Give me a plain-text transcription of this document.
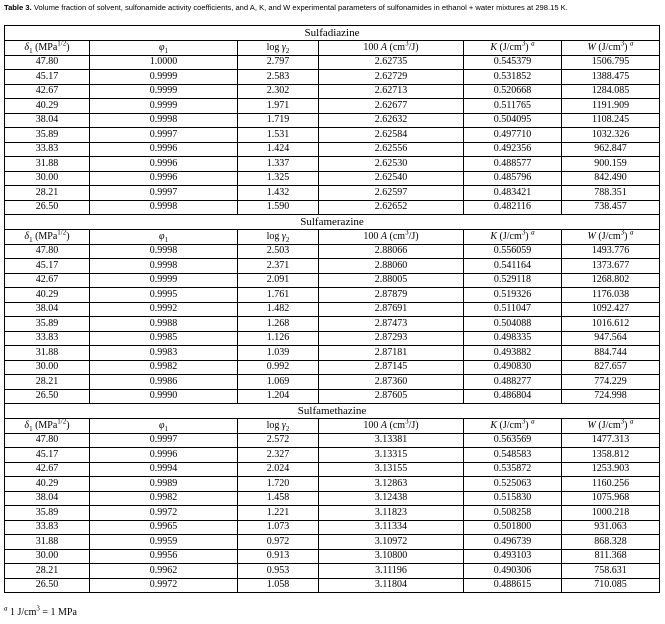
Table 3. Volume fraction of solvent, sulfonamide activity coefficients, and A, K, and W experimental parameters of sulfonamides in ethanol + water mixtures at 298.15 K.
Sulfadiazine					
$\delta_1$ (MPa$^{1/2}$)	$\varphi_1$	$\log \gamma_2$	100 A $(cm^3/J)$	K $(J/cm^3)$ $^a$	W $(J/cm^3)$ $^a$
47.80	1.0000	2.797	2.62735	0.545379	1506.795
45.17	0.9999	2.583	2.62729	0.531852	1388.475
42.67	0.9999	2.302	2.62713	0.520668	1284.085
40.29	0.9999	1.971	2.62677	0.511765	1191.909
38.04	0.9998	1.719	2.62632	0.504095	1108.245
35.89	0.9997	1.531	2.62584	0.497710	1032.326
33.83	0.9996	1.424	2.62556	0.492356	962.847
31.88	0.9996	1.337	2.62530	0.488577	900.159
30.00	0.9996	1.325	2.62540	0.485796	842.490
28.21	0.9997	1.432	2.62597	0.483421	788.351
26.50	0.9998	1.590	2.62652	0.482116	738.457
Sulfamerazine					
$\delta_1$ (MPa$^{1/2}$)	$\varphi_1$	$\log \gamma_2$	100 A $(cm^3/J)$	K $(J/cm^3)$ $^a$	W $(J/cm^3)$ $^a$
47.80	0.9998	2.503	2.88066	0.556059	1493.776
45.17	0.9998	2.371	2.88060	0.541164	1373.677
42.67	0.9999	2.091	2.88005	0.529118	1268.802
40.29	0.9995	1.761	2.87879	0.519326	1176.038
38.04	0.9992	1.482	2.87691	0.511047	1092.427
35.89	0.9988	1.268	2.87473	0.504088	1016.612
33.83	0.9985	1.126	2.87293	0.498335	947.564
31.88	0.9983	1.039	2.87181	0.493882	884.744
30.00	0.9982	0.992	2.87145	0.490830	827.657
28.21	0.9986	1.069	2.87360	0.488277	774.229
26.50	0.9990	1.204	2.87605	0.486804	724.998
Sulfamethazine					
$\delta_1$ (MPa$^{1/2}$)	$\varphi_1$	$\log \gamma_2$	100 A $(cm^3/J)$	K $(J/cm^3)$ $^a$	W $(J/cm^3)$ $^a$
47.80	0.9997	2.572	3.13381	0.563569	1477.313
45.17	0.9996	2.327	3.13315	0.548583	1358.812
42.67	0.9994	2.024	3.13155	0.535872	1253.903
40.29	0.9989	1.720	3.12863	0.525063	1160.256
38.04	0.9982	1.458	3.12438	0.515830	1075.968
35.89	0.9972	1.221	3.11823	0.508258	1000.218
33.83	0.9965	1.073	3.11334	0.501800	931.063
31.88	0.9959	0.972	3.10972	0.496739	868.328
30.00	0.9956	0.913	3.10800	0.493103	811.368
28.21	0.9962	0.953	3.11196	0.490306	758.631
26.50	0.9972	1.058	3.11804	0.488615	710.085
$^a$ 1 $J/cm^3 = 1$ MPa
